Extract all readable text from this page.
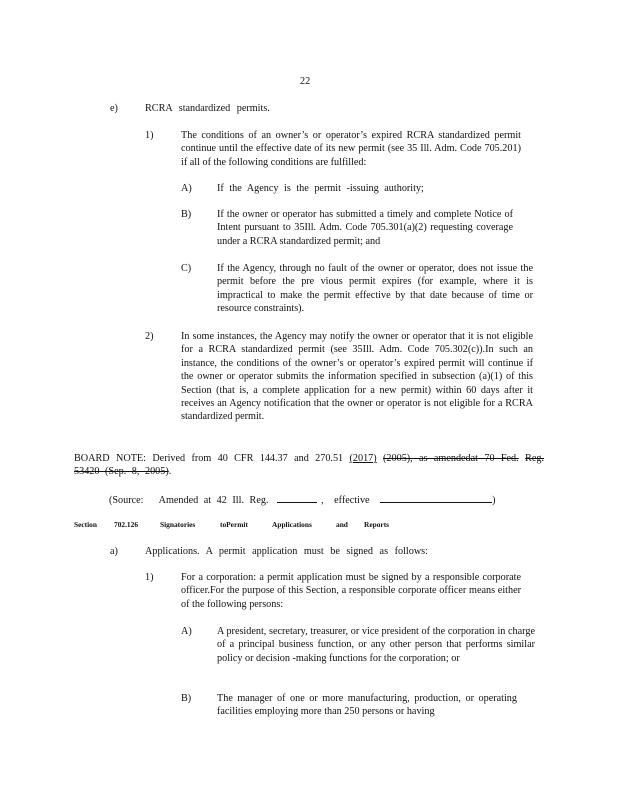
22
e)	RCRA standardized permits.
1)	The conditions of an owner’s or operator’s expired RCRA standardized permit continue until the effective date of its new permit (see 35 Ill. Adm. Code 705.201) if all of the following conditions are fulfilled:
A) If the Agency is the permit -issuing authority;
B)	If the owner or operator has submitted a timely and complete Notice of Intent pursuant to 35Ill. Adm. Code 705.301(a)(2) requesting coverage under a RCRA standardized permit; and
C)	If the Agency, through no fault of the owner or operator, does not issue the permit before the pre vious permit expires (for example, where it is impractical to make the permit effective by that date because of time or resource constraints).
2)	In some instances, the Agency may notify the owner or operator that it is not eligible for a RCRA standardized permit (see 35Ill. Adm. Code 705.302(c)).In such an instance, the conditions of the owner’s or operator’s expired permit will continue if the owner or operator submits the information specified in subsection (a)(1) of this Section (that is, a complete application for a new permit) within 60 days after it receives an Agency notification that the owner or operator is not eligible for a RCRA standardized permit.
BOARD NOTE: Derived from 40 CFR 144.37 and 270.51 (2017) (2005), as amendedat 70 Fed. Reg. 53420 (Sep. 8, 2005).
(Source: Amended at 42 Ill. Reg.	, effective	)
Section 702.126	Signatories	toPermit	Applications	and Reports
a)	Applications. A permit application must be signed as follows:
1)	For a corporation: a permit application must be signed by a responsible corporate officer.For the purpose of this Section, a responsible corporate officer means either of the following persons:
A) A president, secretary, treasurer, or vice president of the corporation in charge of a principal business function, or any other person that performs similar policy or decision -making functions for the corporation; or
B)	The manager of one or more manufacturing, production, or operating facilities employing more than 250 persons or having
